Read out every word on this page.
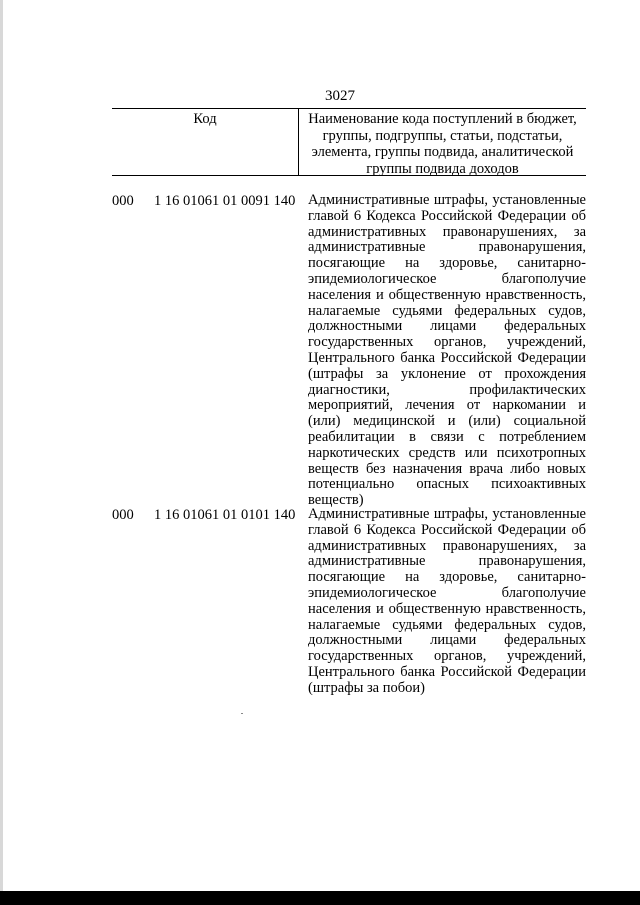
3027
Код	Наименование кода поступлений в бюджет, группы, подгруппы, статьи, подстатьи, элемента, группы подвида, аналитической группы подвида доходов
000	1 16 01061 01 0091 140 Административные штрафы, установленные главой 6 Кодекса Российской Федерации об административных правонарушениях, за административные правонарушения, посягающие на здоровье, санитарно-эпидемиологическое благополучие населения и общественную нравственность, налагаемые судьями федеральных судов, должностными лицами федеральных государственных органов, учреждений, Центрального банка Российской Федерации (штрафы за уклонение от прохождения диагностики, профилактических мероприятий, лечения от наркомании и (или) медицинской и (или) социальной реабилитации в связи с потреблением наркотических средств или психотропных веществ без назначения врача либо новых потенциально опасных психоактивных веществ)
000	1 16 01061 01 0101 140 Административные штрафы, установленные главой 6 Кодекса Российской Федерации об административных правонарушениях, за административные правонарушения, посягающие на здоровье, санитарно-эпидемиологическое благополучие населения и общественную нравственность, налагаемые судьями федеральных судов, должностными лицами федеральных государственных органов, учреждений, Центрального банка Российской Федерации (штрафы за побои)
